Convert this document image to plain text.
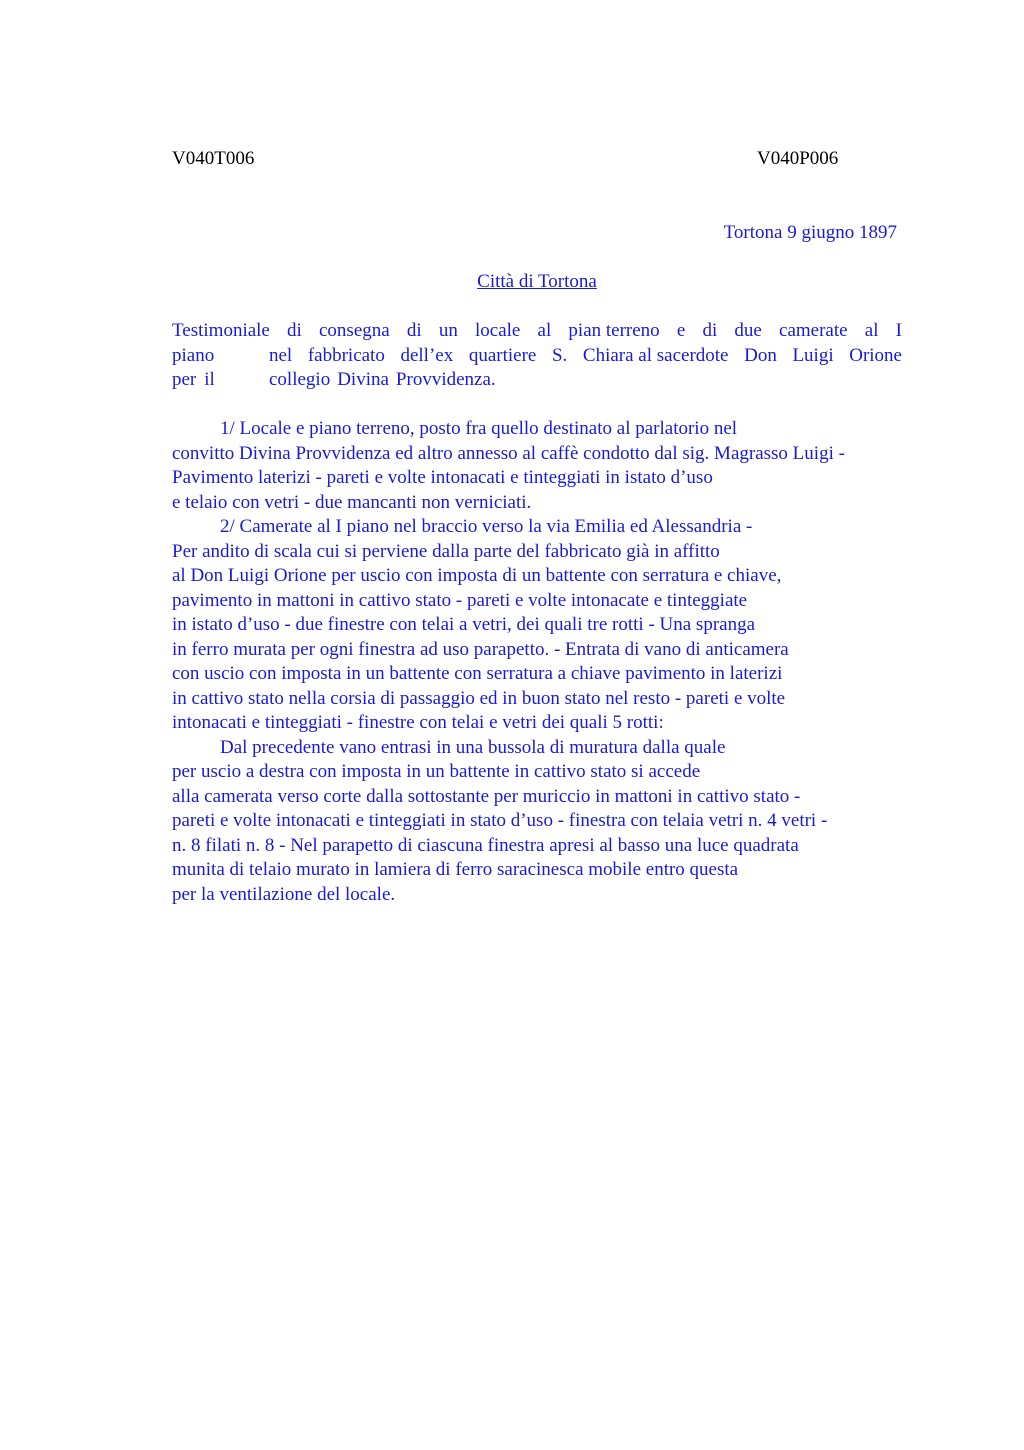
V040T006	V040P006
Tortona 9 giugno 1897
Città di Tortona
Testimoniale di consegna di un locale al pian terreno e di due camerate al I
piano	nel fabbricato dell’ex quartiere S. Chiara al sacerdote Don Luigi Orione
per il	collegio Divina Provvidenza.
1/ Locale e piano terreno, posto fra quello destinato al parlatorio nel
convitto Divina Provvidenza ed altro annesso al caffè condotto dal sig. Magrasso Luigi -
Pavimento laterizi - pareti e volte intonacati e tinteggiati in istato d’uso
e telaio con vetri - due mancanti non verniciati.
2/ Camerate al I piano nel braccio verso la via Emilia ed Alessandria -
Per andito di scala cui si perviene dalla parte del fabbricato già in affitto
al Don Luigi Orione per uscio con imposta di un battente con serratura e chiave,
pavimento in mattoni in cattivo stato - pareti e volte intonacate e tinteggiate
in istato d’uso - due finestre con telai a vetri, dei quali tre rotti - Una spranga
in ferro murata per ogni finestra ad uso parapetto. - Entrata di vano di anticamera
con uscio con imposta in un battente con serratura a chiave pavimento in laterizi
in cattivo stato nella corsia di passaggio ed in buon stato nel resto - pareti e volte
intonacati e tinteggiati - finestre con telai e vetri dei quali 5 rotti:
Dal precedente vano entrasi in una bussola di muratura dalla quale
per uscio a destra con imposta in un battente in cattivo stato si accede
alla camerata verso corte dalla sottostante per muriccio in mattoni in cattivo stato -
pareti e volte intonacati e tinteggiati in stato d’uso - finestra con telaia vetri n. 4 vetri -
n. 8 filati n. 8 - Nel parapetto di ciascuna finestra apresi al basso una luce quadrata
munita di telaio murato in lamiera di ferro saracinesca mobile entro questa
per la ventilazione del locale.
